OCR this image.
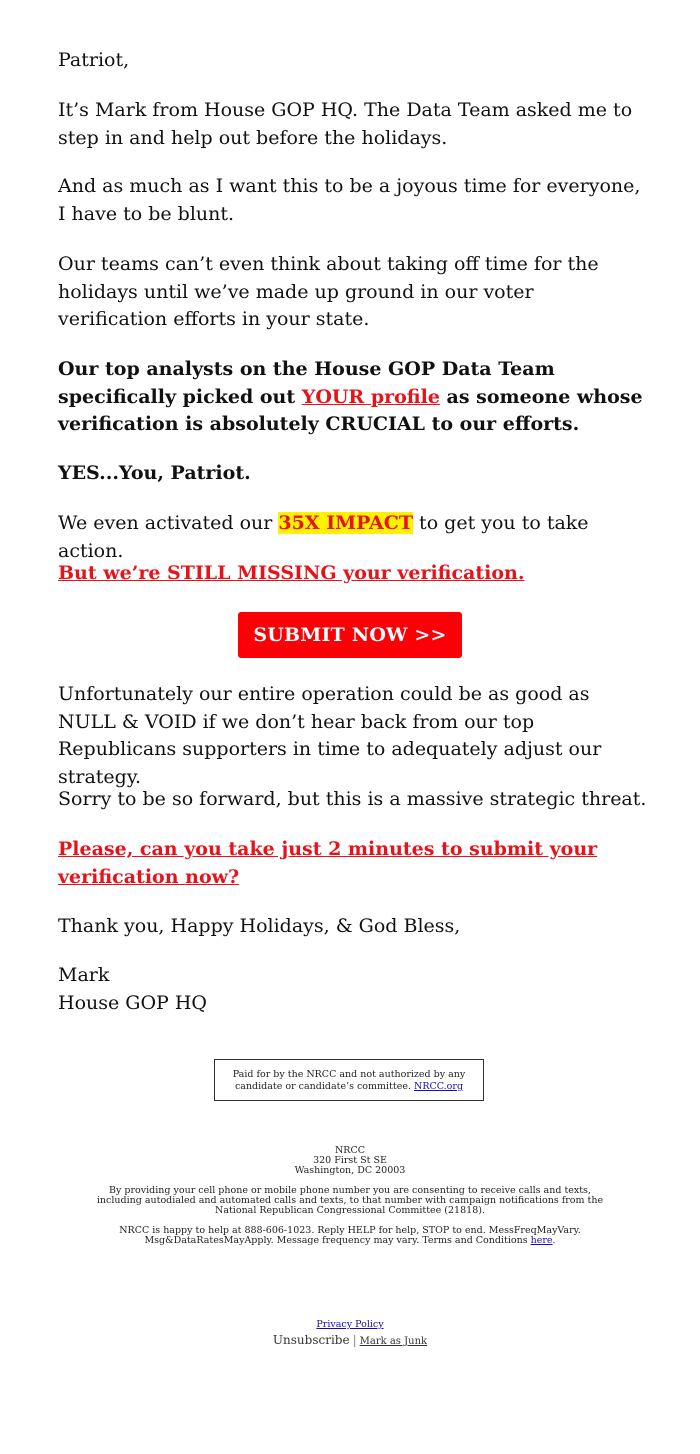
Patriot,

It’s Mark from House GOP HQ. The Data Team asked me to step in and help out before the holidays.

And as much as I want this to be a joyous time for everyone, I have to be blunt.

Our teams can’t even think about taking off time for the holidays until we’ve made up ground in our voter verification efforts in your state.

Our top analysts on the House GOP Data Team specifically picked out YOUR profile as someone whose verification is absolutely CRUCIAL to our efforts.

YES...You, Patriot.

We even activated our 35X IMPACT to get you to take action.

But we’re STILL MISSING your verification.

SUBMIT NOW >>

Unfortunately our entire operation could be as good as NULL & VOID if we don’t hear back from our top Republicans supporters in time to adequately adjust our strategy.

Sorry to be so forward, but this is a massive strategic threat.

Please, can you take just 2 minutes to submit your verification now?

Thank you, Happy Holidays, & God Bless,

Mark

House GOP HQ

Paid for by the NRCC and not authorized by any candidate or candidate’s committee. NRCC.org
NRCC
320 First St SE
Washington, DC 20003
By providing your cell phone or mobile phone number you are consenting to receive calls and texts, including autodialed and automated calls and texts, to that number with campaign notifications from the National Republican Congressional Committee (21818).
NRCC is happy to help at 888-606-1023. Reply HELP for help, STOP to end. MessFreqMayVary. Msg&DataRatesMayApply. Message frequency may vary. Terms and Conditions here.
Privacy Policy
Unsubscribe | Mark as Junk
